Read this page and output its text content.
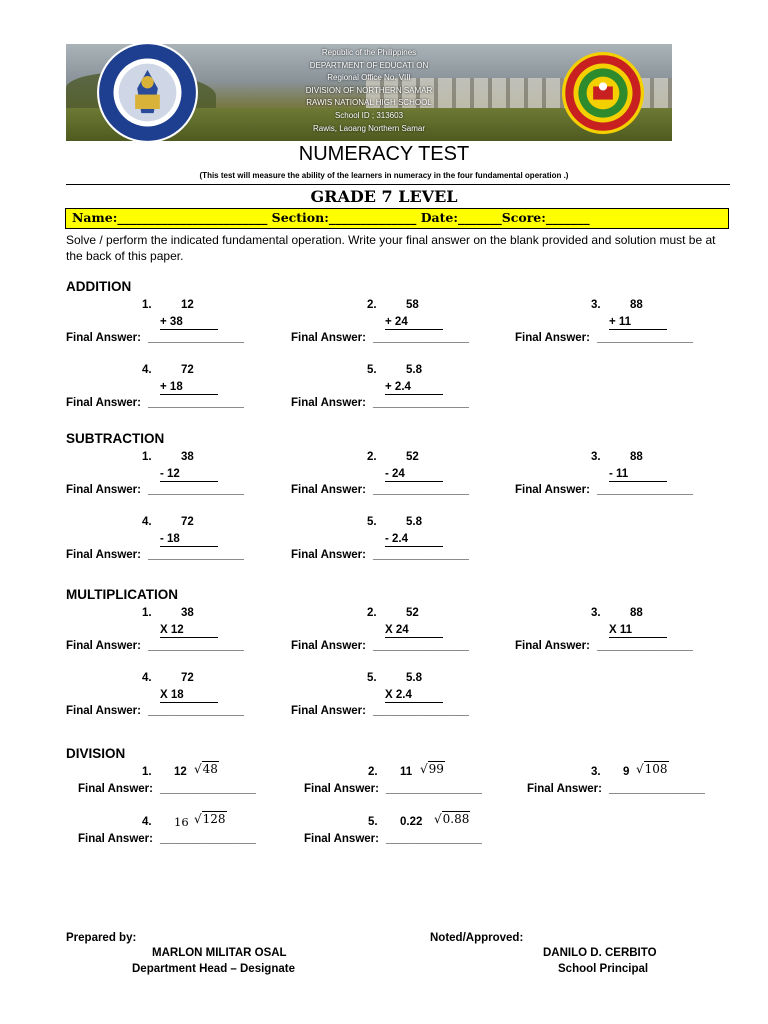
Republic of the Philippines
DEPARTMENT OF EDUCATI ON
Regional Office No. VIII
DIVISION OF NORTHERN SAMAR
RAWIS NATIONAL HIGH SCHOOL
School ID ; 313603
Rawis, Laoang Northern Samar
NUMERACY TEST
(This test will measure the ability of the learners in numeracy in the four fundamental operation .)
GRADE 7 LEVEL
Name:________________________ Section:______________ Date:_______Score:_______
Solve / perform the indicated fundamental operation. Write your final answer on the blank provided and solution must be at the back of this paper.
ADDITION
SUBTRACTION
MULTIPLICATION
DIVISION
1.	12
+ 38
Final Answer: _______________
2.	58
+ 24
Final Answer: _______________
3.	88
+ 11
Final Answer: _______________
4.	72
+ 18
Final Answer: _______________
5.	5.8
+ 2.4
Final Answer: _______________
1.	38
- 12
Final Answer: _______________
2.	52
- 24
Final Answer: _______________
3.	88
- 11
Final Answer: _______________
4.	72
- 18
Final Answer: _______________
5.	5.8
- 2.4
Final Answer: _______________
1.	38
X 12
Final Answer: _______________
2.	52
X 24
Final Answer: _______________
3.	88
X 11
Final Answer: _______________
4.	72
X 18
Final Answer: _______________
5.	5.8
X 2.4
Final Answer: _______________
1. 12 √48
Final Answer: _______________
2. 11 √99
Final Answer: _______________
3. 9 √108
Final Answer: _______________
4. 16 √128
Final Answer: _______________
5. 0.22 √0.88
Final Answer: _______________
Prepared by:
MARLON MILITAR OSAL
Department Head – Designate
Noted/Approved:
DANILO D. CERBITO
School Principal
